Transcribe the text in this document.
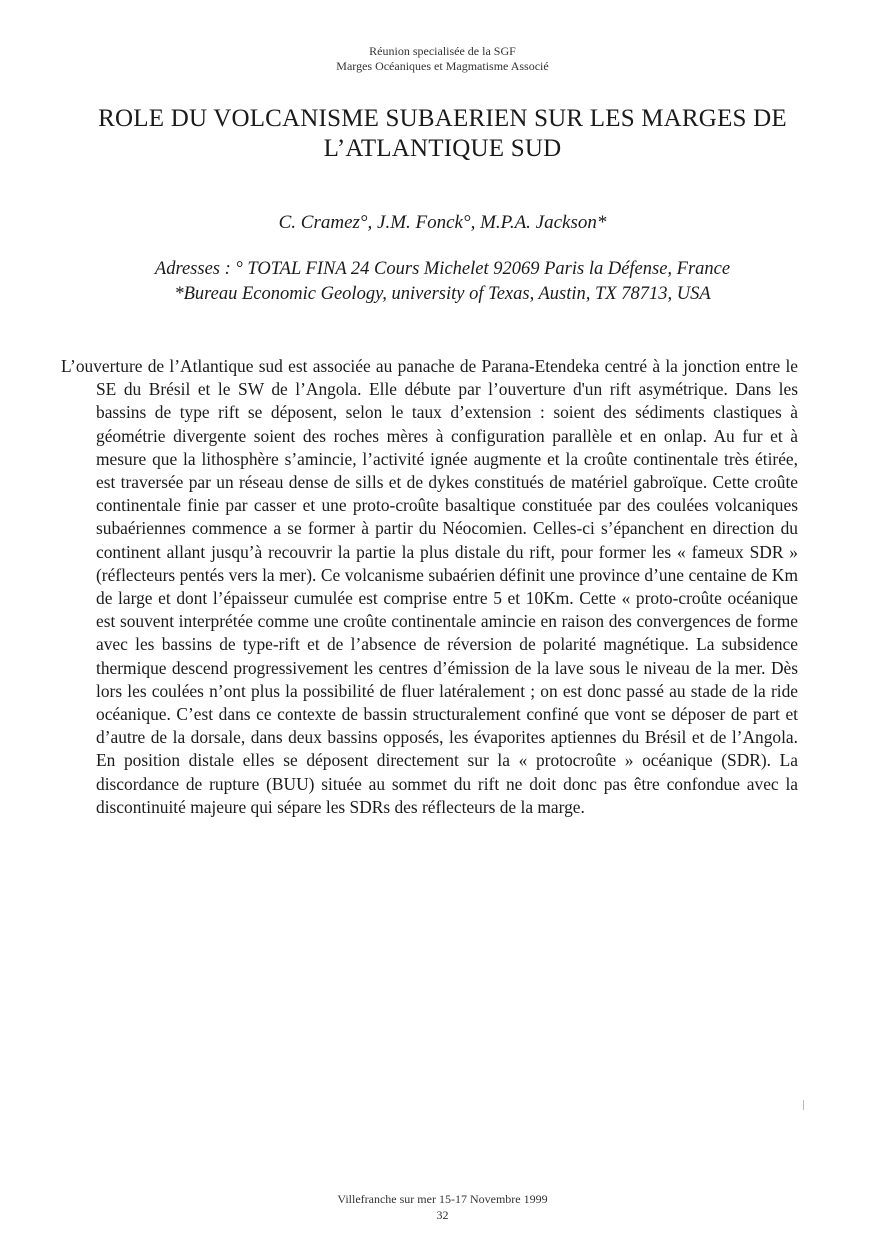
Réunion specialisée de la SGF
Marges Océaniques et Magmatisme Associé
ROLE DU VOLCANISME SUBAERIEN SUR LES MARGES DE
L’ATLANTIQUE SUD
C. Cramez°, J.M. Fonck°, M.P.A. Jackson*
Adresses : ° TOTAL FINA 24 Cours Michelet 92069 Paris la Défense, France
*Bureau Economic Geology, university of Texas, Austin, TX 78713, USA

L’ouverture de l’Atlantique sud est associée au panache de Parana-Etendeka centré à la jonction entre le SE du Brésil et le SW de l’Angola. Elle débute par l’ouverture d'un rift asymétrique. Dans les bassins de type rift se déposent, selon le taux d’extension : soient des sédiments clastiques à géométrie divergente soient des roches mères à configuration parallèle et en onlap. Au fur et à mesure que la lithosphère s’amincie, l’activité ignée augmente et la croûte continentale très étirée, est traversée par un réseau dense de sills et de dykes constitués de matériel gabroïque. Cette croûte continentale finie par casser et une proto-croûte basaltique constituée par des coulées volcaniques subaériennes commence a se former à partir du Néocomien. Celles-ci s’épanchent en direction du continent allant jusqu’à recouvrir la partie la plus distale du rift, pour former les « fameux SDR » (réflecteurs pentés vers la mer). Ce volcanisme subaérien définit une province d’une centaine de Km de large et dont l’épaisseur cumulée est comprise entre 5 et 10Km. Cette « proto-croûte océanique est souvent interprétée comme une croûte continentale amincie en raison des convergences de forme avec les bassins de type-rift et de l’absence de réversion de polarité magnétique. La subsidence thermique descend progressivement les centres d’émission de la lave sous le niveau de la mer. Dès lors les coulées n’ont plus la possibilité de fluer latéralement ; on est donc passé au stade de la ride océanique. C’est dans ce contexte de bassin structuralement confiné que vont se déposer de part et d’autre de la dorsale, dans deux bassins opposés, les évaporites aptiennes du Brésil et de l’Angola. En position distale elles se déposent directement sur la « protocroûte » océanique (SDR). La discordance de rupture (BUU) située au sommet du rift ne doit donc pas être confondue avec la discontinuité majeure qui sépare les SDRs des réflecteurs de la marge.

Villefranche sur mer 15-17 Novembre 1999
32
